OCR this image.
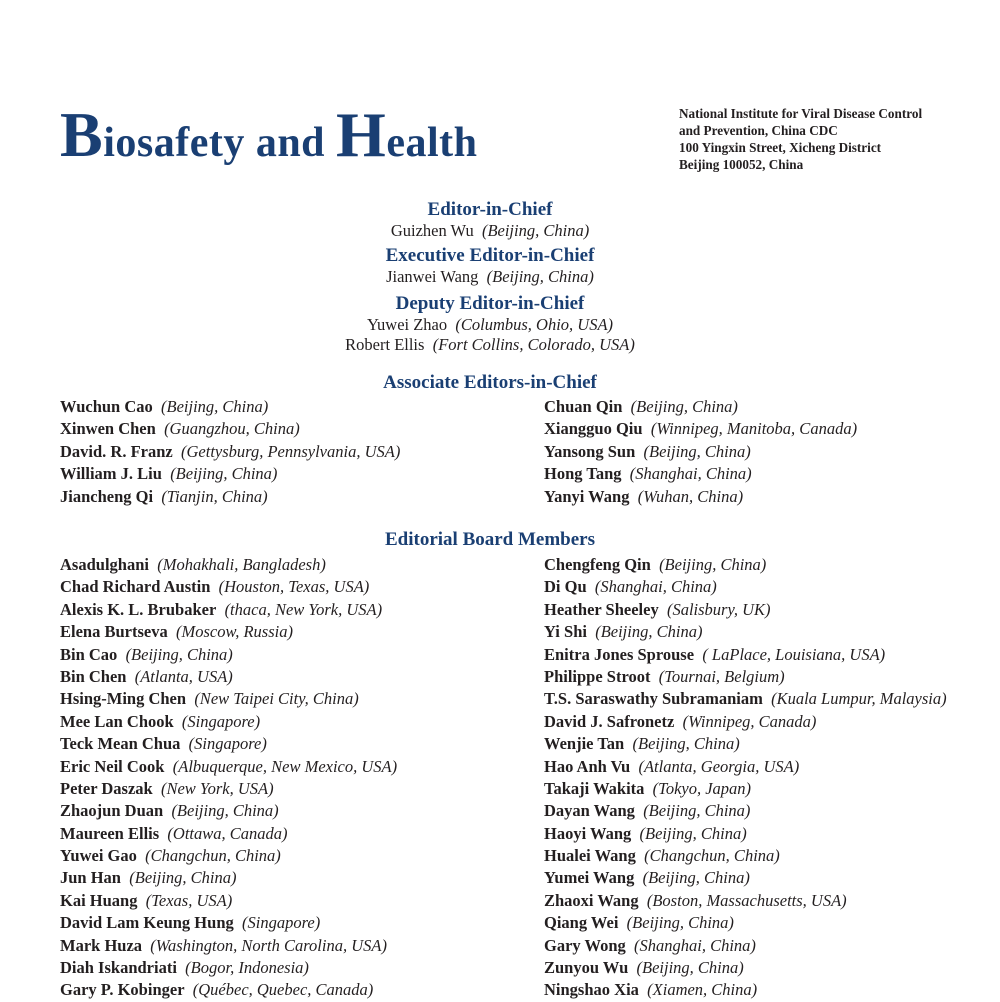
Biosafety and Health
National Institute for Viral Disease Control
and Prevention, China CDC
100 Yingxin Street, Xicheng District
Beijing 100052, China
Editor-in-Chief
Guizhen Wu (Beijing, China)
Executive Editor-in-Chief
Jianwei Wang (Beijing, China)
Deputy Editor-in-Chief
Yuwei Zhao (Columbus, Ohio, USA)
Robert Ellis (Fort Collins, Colorado, USA)
Associate Editors-in-Chief
Wuchun Cao (Beijing, China)
Xinwen Chen (Guangzhou, China)
David. R. Franz (Gettysburg, Pennsylvania, USA)
William J. Liu (Beijing, China)
Jiancheng Qi (Tianjin, China)
Chuan Qin (Beijing, China)
Xiangguo Qiu (Winnipeg, Manitoba, Canada)
Yansong Sun (Beijing, China)
Hong Tang (Shanghai, China)
Yanyi Wang (Wuhan, China)
Editorial Board Members
Asadulghani (Mohakhali, Bangladesh)
Chad Richard Austin (Houston, Texas, USA)
Alexis K. L. Brubaker (thaca, New York, USA)
Elena Burtseva (Moscow, Russia)
Bin Cao (Beijing, China)
Bin Chen (Atlanta, USA)
Hsing-Ming Chen (New Taipei City, China)
Mee Lan Chook (Singapore)
Teck Mean Chua (Singapore)
Eric Neil Cook (Albuquerque, New Mexico, USA)
Peter Daszak (New York, USA)
Zhaojun Duan (Beijing, China)
Maureen Ellis (Ottawa, Canada)
Yuwei Gao (Changchun, China)
Jun Han (Beijing, China)
Kai Huang (Texas, USA)
David Lam Keung Hung (Singapore)
Mark Huza (Washington, North Carolina, USA)
Diah Iskandriati (Bogor, Indonesia)
Gary P. Kobinger (Québec, Quebec, Canada)
Chengfeng Qin (Beijing, China)
Di Qu (Shanghai, China)
Heather Sheeley (Salisbury, UK)
Yi Shi (Beijing, China)
Enitra Jones Sprouse ( LaPlace, Louisiana, USA)
Philippe Stroot (Tournai, Belgium)
T.S. Saraswathy Subramaniam (Kuala Lumpur, Malaysia)
David J. Safronetz (Winnipeg, Canada)
Wenjie Tan (Beijing, China)
Hao Anh Vu (Atlanta, Georgia, USA)
Takaji Wakita (Tokyo, Japan)
Dayan Wang (Beijing, China)
Haoyi Wang (Beijing, China)
Hualei Wang (Changchun, China)
Yumei Wang (Beijing, China)
Zhaoxi Wang (Boston, Massachusetts, USA)
Qiang Wei (Beijing, China)
Gary Wong (Shanghai, China)
Zunyou Wu (Beijing, China)
Ningshao Xia (Xiamen, China)
